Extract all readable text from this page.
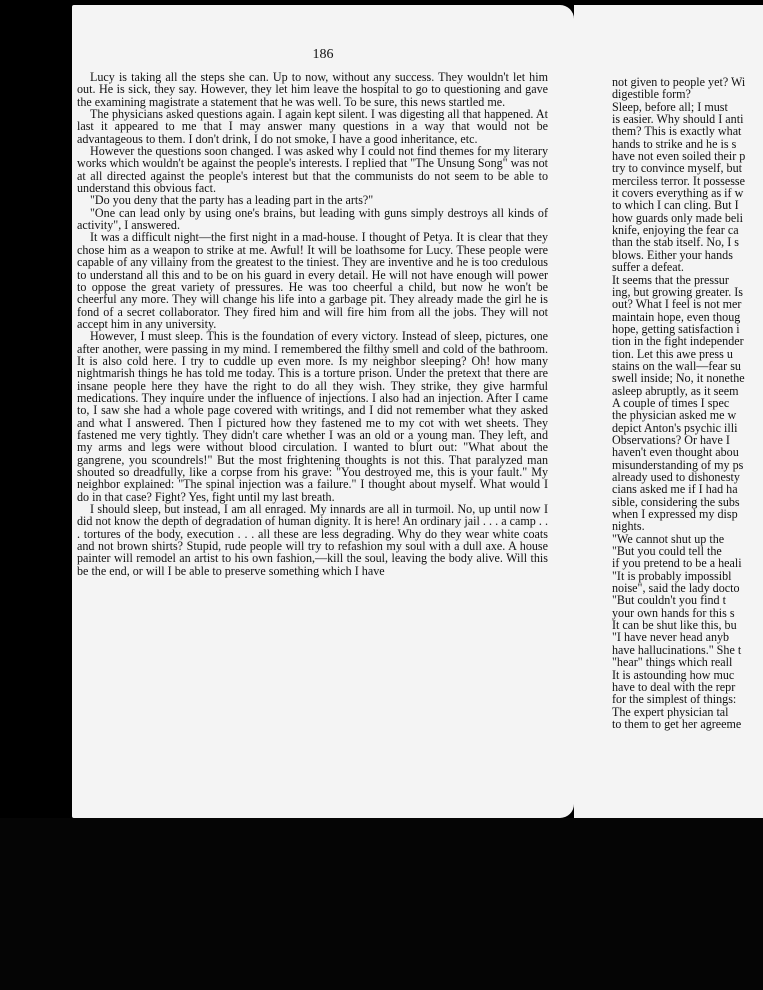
186

Lucy is taking all the steps she can. Up to now, without any success. They wouldn't let him out. He is sick, they say. However, they let him leave the hospital to go to questioning and gave the examining magistrate a statement that he was well. To be sure, this news startled me.

The physicians asked questions again. I again kept silent. I was digesting all that happened. At last it appeared to me that I may answer many questions in a way that would not be advantageous to them. I don't drink, I do not smoke, I have a good inheritance, etc.

However the questions soon changed. I was asked why I could not find themes for my literary works which wouldn't be against the people's interests. I replied that "The Unsung Song" was not at all directed against the people's interest but that the communists do not seem to be able to understand this obvious fact.

"Do you deny that the party has a leading part in the arts?"

"One can lead only by using one's brains, but leading with guns simply destroys all kinds of activity", I answered.

It was a difficult night—the first night in a mad-house. I thought of Petya. It is clear that they chose him as a weapon to strike at me. Awful! It will be loathsome for Lucy. These people were capable of any villainy from the greatest to the tiniest. They are inventive and he is too credulous to understand all this and to be on his guard in every detail. He will not have enough will power to oppose the great variety of pressures. He was too cheerful a child, but now he won't be cheerful any more. They will change his life into a garbage pit. They already made the girl he is fond of a secret collaborator. They fired him and will fire him from all the jobs. They will not accept him in any university.

However, I must sleep. This is the foundation of every victory. Instead of sleep, pictures, one after another, were passing in my mind. I remembered the filthy smell and cold of the bathroom. It is also cold here. I try to cuddle up even more. Is my neighbor sleeping? Oh! how many nightmarish things he has told me today. This is a torture prison. Under the pretext that there are insane people here they have the right to do all they wish. They strike, they give harmful medications. They inquire under the influence of injections. I also had an injection. After I came to, I saw she had a whole page covered with writings, and I did not remember what they asked and what I answered. Then I pictured how they fastened me to my cot with wet sheets. They fastened me very tightly. They didn't care whether I was an old or a young man. They left, and my arms and legs were without blood circulation. I wanted to blurt out: "What about the gangrene, you scoundrels!" But the most frightening thoughts is not this. That paralyzed man shouted so dreadfully, like a corpse from his grave: "You destroyed me, this is your fault." My neighbor explained: "The spinal injection was a failure." I thought about myself. What would I do in that case? Fight? Yes, fight until my last breath.

I should sleep, but instead, I am all enraged. My innards are all in turmoil. No, up until now I did not know the depth of degradation of human dignity. It is here! An ordinary jail . . . a camp . . . tortures of the body, execution . . . all these are less degrading. Why do they wear white coats and not brown shirts? Stupid, rude people will try to refashion my soul with a dull axe. A house painter will remodel an artist to his own fashion,—kill the soul, leaving the body alive. Will this be the end, or will I be able to preserve something which I have

not given to people yet? Wi
digestible form?
Sleep, before all; I must
is easier. Why should I anti
them? This is exactly what
hands to strike and he is s
have not even soiled their p
try to convince myself, but
merciless terror. It possesse
it covers everything as if w
to which I can cling. But I
how guards only made beli
knife, enjoying the fear ca
than the stab itself. No, I s
blows. Either your hands
suffer a defeat.
It seems that the pressur
ing, but growing greater. Is
out? What I feel is not mer
maintain hope, even thoug
hope, getting satisfaction i
tion in the fight independer
tion. Let this awe press u
stains on the wall—fear su
swell inside; No, it nonethe
asleep abruptly, as it seem
A couple of times I spec
the physician asked me w
depict Anton's psychic illi
Observations? Or have I
haven't even thought abou
misunderstanding of my ps
already used to dishonesty
cians asked me if I had ha
sible, considering the subs
when I expressed my disp
nights.
"We cannot shut up the
"But you could tell the
if you pretend to be a heali
"It is probably impossibl
noise", said the lady docto
"But couldn't you find t
your own hands for this s
It can be shut like this, bu
"I have never head anyb
have hallucinations." She t
"hear" things which reall
It is astounding how muc
have to deal with the repr
for the simplest of things:
The expert physician tal
to them to get her agreeme
